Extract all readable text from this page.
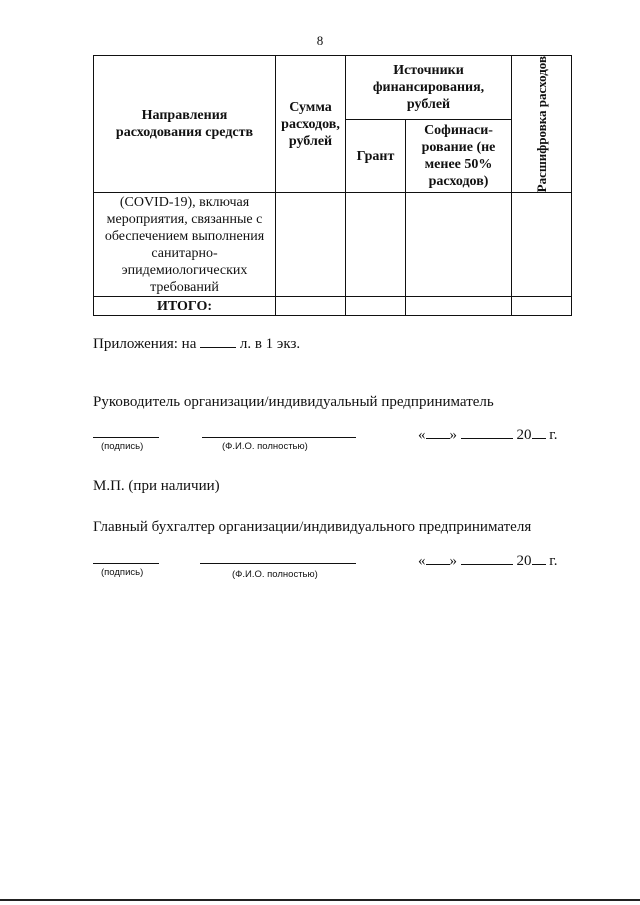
8
Направления расходования средств	Сумма расходов, рублей	Источники финансирования, рублей		Расшифровка расходов

		Грант	Софинаси-рование (не менее 50% расходов)	
(COVID-19), включая мероприятия, связанные с обеспечением выполнения санитарно-эпидемиологических требований				
ИТОГО:				
Приложения: на	л. в 1 экз.
Руководитель организации/индивидуальный предприниматель
(подпись)	(Ф.И.О. полностью)
« »	20 г.
М.П. (при наличии)
Главный бухгалтер организации/индивидуального предпринимателя
(подпись)	(Ф.И.О. полностью)
« »	20 г.
